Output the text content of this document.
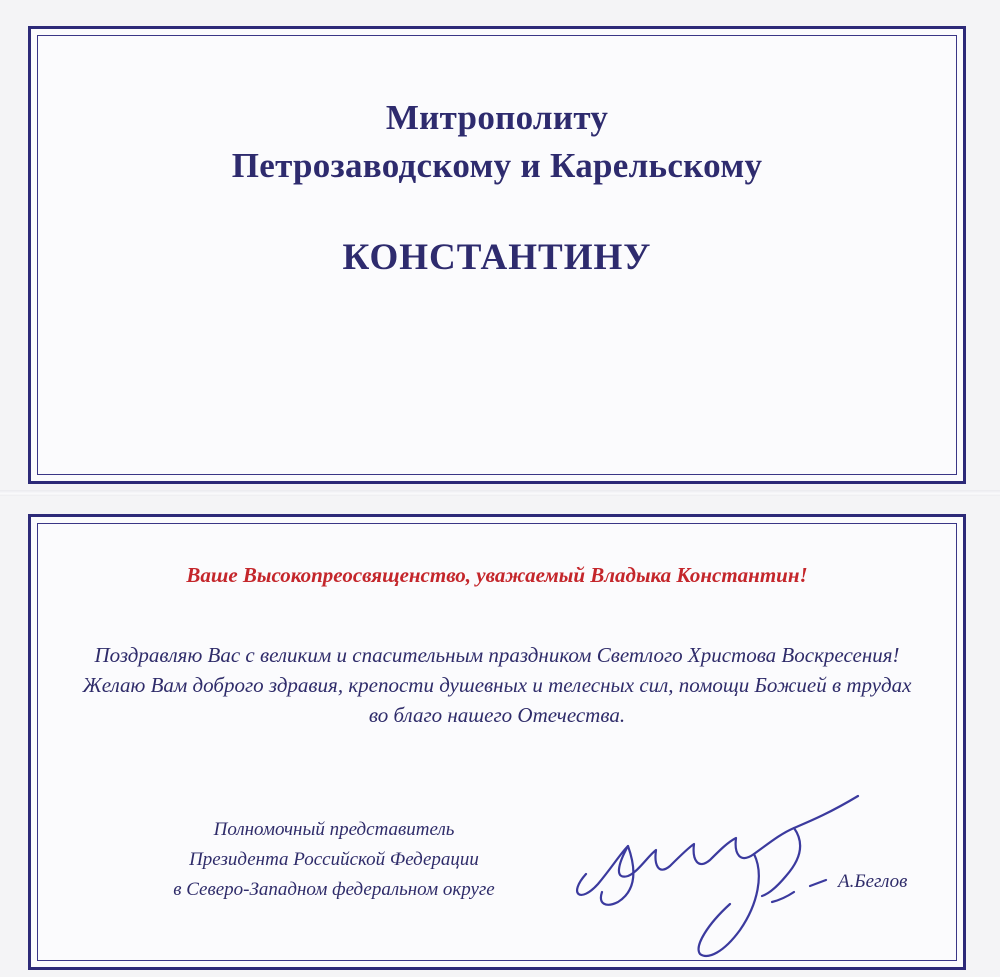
Митрополиту
Петрозаводскому и Карельскому
КОНСТАНТИНУ
Ваше Высокопреосвященство, уважаемый Владыка Константин!
Поздравляю Вас с великим и спасительным праздником Светлого Христова Воскресения!
Желаю Вам доброго здравия, крепости душевных и телесных сил, помощи Божией в трудах
во благо нашего Отечества.
Полномочный представитель
Президента Российской Федерации
в Северо-Западном федеральном округе	А.Беглов
